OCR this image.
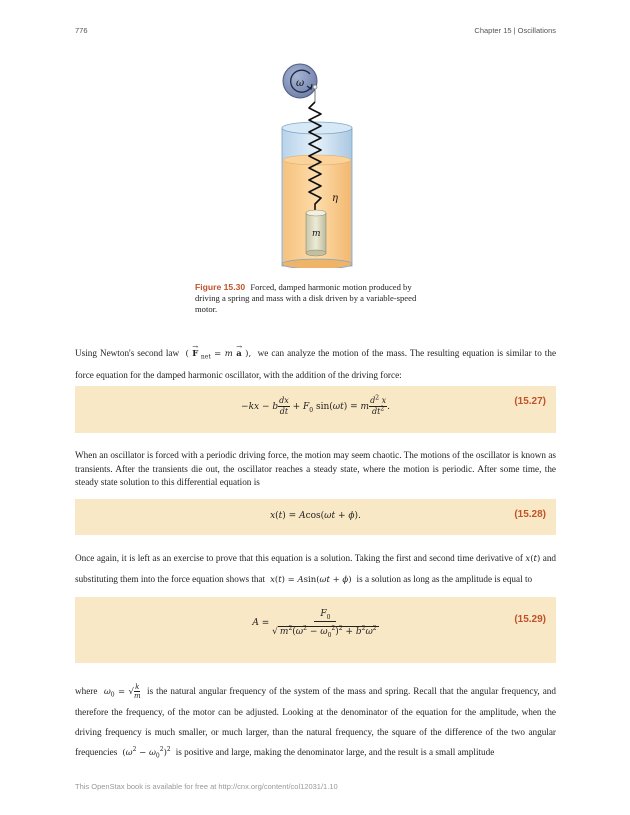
776	Chapter 15 | Oscillations
ω
m
η
Figure 15.30 Forced, damped harmonic motion produced by driving a spring and mass with a disk driven by a variable-speed motor.
Using Newton's second law  ( → F $_{net}$ = m → a ),  we can analyze the motion of the mass. The resulting equation is similar to the force equation for the damped harmonic oscillator, with the addition of the driving force:
−kx − b $\frac{dx}{dt} + F_0$ sin(ωt) = m $\frac{d^2 x}{dt^2}$ .	(15.27)
When an oscillator is forced with a periodic driving force, the motion may seem chaotic. The motions of the oscillator is known as transients. After the transients die out, the oscillator reaches a steady state, where the motion is periodic. After some time, the steady state solution to this differential equation is
x(t) = Acos(ωt + ϕ).	(15.28)
Once again, it is left as an exercise to prove that this equation is a solution. Taking the first and second time derivative of x(t) and substituting them into the force equation shows that x(t) = Asin(ωt + ϕ)  is a solution as long as the amplitude is equal to
$A = \frac{F_0}{√ m^2(\omega^2 - \omega_0^2)^2 + b^2\omega^2}$	(15.29)
where $\omega_0$ = √ $\frac{k}{m}$ is the natural angular frequency of the system of the mass and spring. Recall that the angular frequency, and therefore the frequency, of the motor can be adjusted. Looking at the denominator of the equation for the amplitude, when the driving frequency is much smaller, or much larger, than the natural frequency, the square of the difference of the two angular frequencies  $(\omega^2 - \omega_0^2)^2$ is positive and large, making the denominator large, and the result is a small amplitude
This OpenStax book is available for free at http://cnx.org/content/col12031/1.10
